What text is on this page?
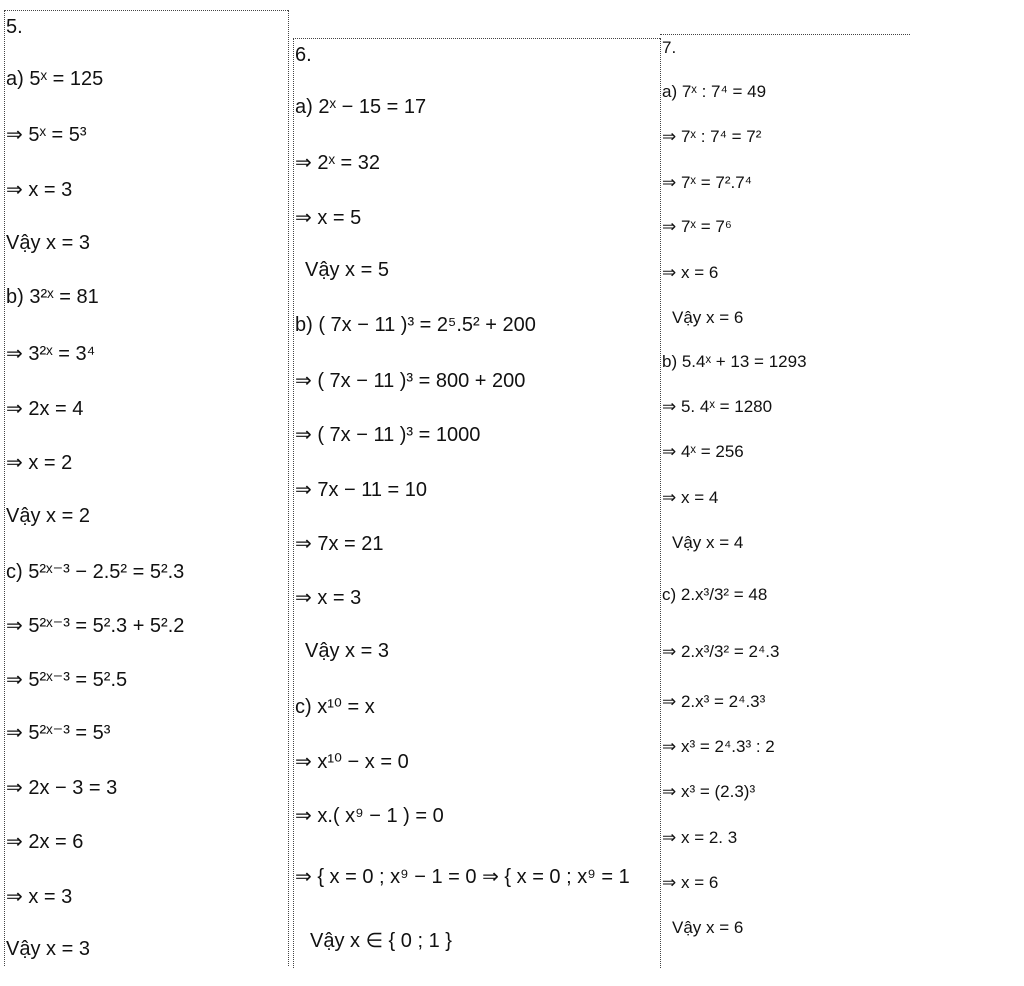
5.
a) 5ˣ = 125
⇒ 5ˣ = 5³
⇒ x = 3
Vậy x = 3
b) 3²ˣ = 81
⇒ 3²ˣ = 3⁴
⇒ 2x = 4
⇒ x = 2
Vậy x = 2
c) 5²ˣ⁻³ − 2.5² = 5².3
⇒ 5²ˣ⁻³ = 5².3 + 5².2
⇒ 5²ˣ⁻³ = 5².5
⇒ 5²ˣ⁻³ = 5³
⇒ 2x − 3 = 3
⇒ 2x = 6
⇒ x = 3
Vậy x = 3
6.
a) 2ˣ − 15 = 17
⇒ 2ˣ = 32
⇒ x = 5
Vậy x = 5
b) ( 7x − 11 )³ = 2⁵.5² + 200
⇒ ( 7x − 11 )³ = 800 + 200
⇒ ( 7x − 11 )³ = 1000
⇒ 7x − 11 = 10
⇒ 7x = 21
⇒ x = 3
Vậy x = 3
c) x¹⁰ = x
⇒ x¹⁰ − x = 0
⇒ x.( x⁹ − 1 ) = 0
⇒ { x = 0 ; x⁹ − 1 = 0 ⇒ { x = 0 ; x⁹ = 1
Vậy x ∈ { 0 ; 1 }
7.
a) 7ˣ : 7⁴ = 49
⇒ 7ˣ : 7⁴ = 7²
⇒ 7ˣ = 7².7⁴
⇒ 7ˣ = 7⁶
⇒ x = 6
Vậy x = 6
b) 5.4ˣ + 13 = 1293
⇒ 5. 4ˣ = 1280
⇒ 4ˣ = 256
⇒ x = 4
Vậy x = 4
c) 2.x³/3² = 48
⇒ 2.x³/3² = 2⁴.3
⇒ 2.x³ = 2⁴.3³
⇒ x³ = 2⁴.3³ : 2
⇒ x³ = (2.3)³
⇒ x = 2. 3
⇒ x = 6
Vậy x = 6
